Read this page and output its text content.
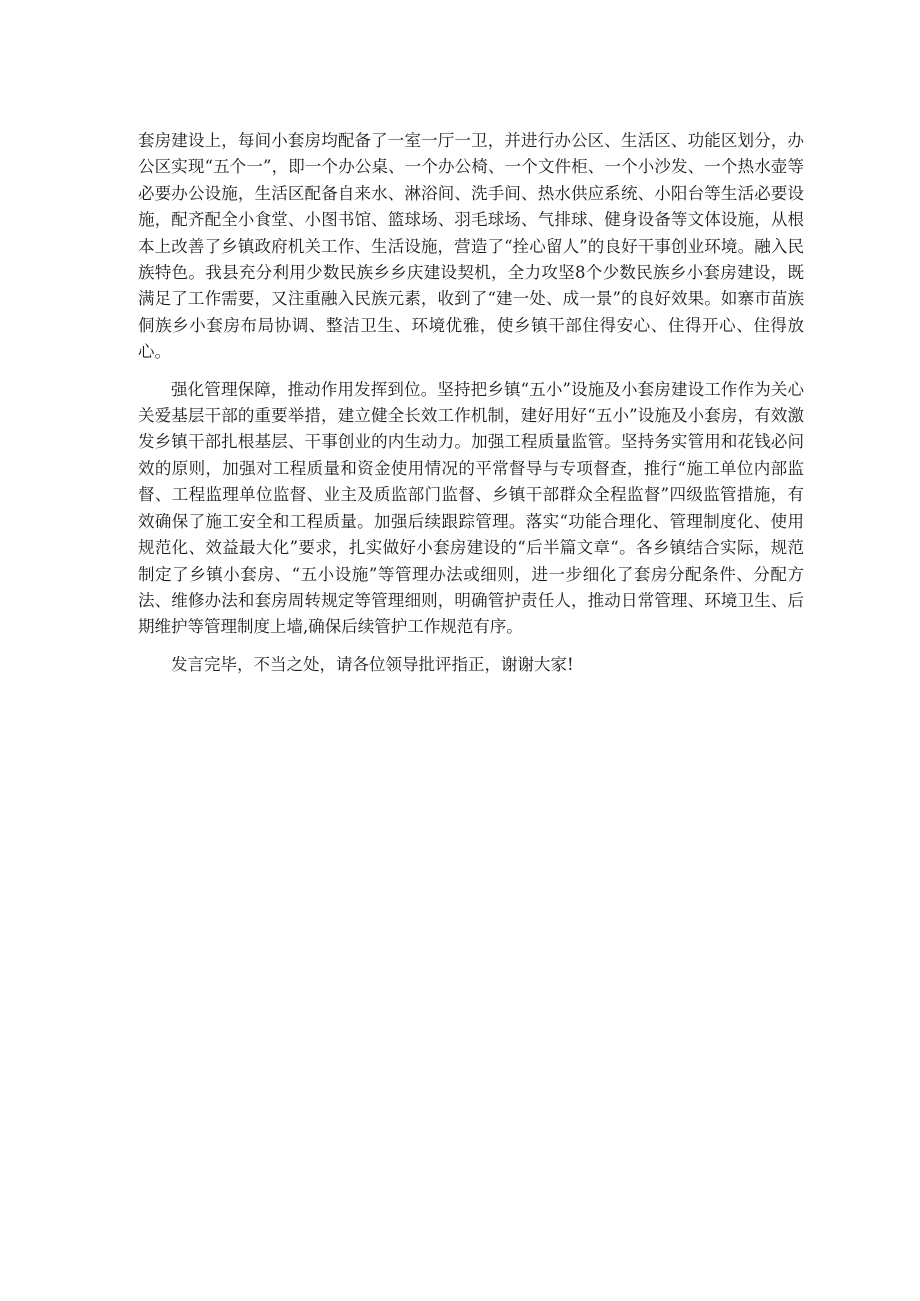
套房建设上，每间小套房均配备了一室一厅一卫，并进行办公区、生活区、功能区划分，办公区实现“五个一”，即一个办公桌、一个办公椅、一个文件柜、一个小沙发、一个热水壶等必要办公设施，生活区配备自来水、淋浴间、洗手间、热水供应系统、小阳台等生活必要设施，配齐配全小食堂、小图书馆、篮球场、羽毛球场、气排球、健身设备等文体设施，从根本上改善了乡镇政府机关工作、生活设施，营造了“拴心留人”的良好干事创业环境。融入民族特色。我县充分利用少数民族乡乡庆建设契机，全力攻坚8个少数民族乡小套房建设，既满足了工作需要，又注重融入民族元素，收到了“建一处、成一景”的良好效果。如寨市苗族侗族乡小套房布局协调、整洁卫生、环境优雅，使乡镇干部住得安心、住得开心、住得放心。

强化管理保障，推动作用发挥到位。坚持把乡镇“五小”设施及小套房建设工作作为关心关爱基层干部的重要举措，建立健全长效工作机制，建好用好“五小”设施及小套房，有效激发乡镇干部扎根基层、干事创业的内生动力。加强工程质量监管。坚持务实管用和花钱必问效的原则，加强对工程质量和资金使用情况的平常督导与专项督查，推行“施工单位内部监督、工程监理单位监督、业主及质监部门监督、乡镇干部群众全程监督”四级监管措施，有效确保了施工安全和工程质量。加强后续跟踪管理。落实“功能合理化、管理制度化、使用规范化、效益最大化”要求，扎实做好小套房建设的“后半篇文章“。各乡镇结合实际，规范制定了乡镇小套房、“五小设施”等管理办法或细则，进一步细化了套房分配条件、分配方法、维修办法和套房周转规定等管理细则，明确管护责任人，推动日常管理、环境卫生、后期维护等管理制度上墙,确保后续管护工作规范有序。

发言完毕，不当之处，请各位领导批评指正，谢谢大家!
